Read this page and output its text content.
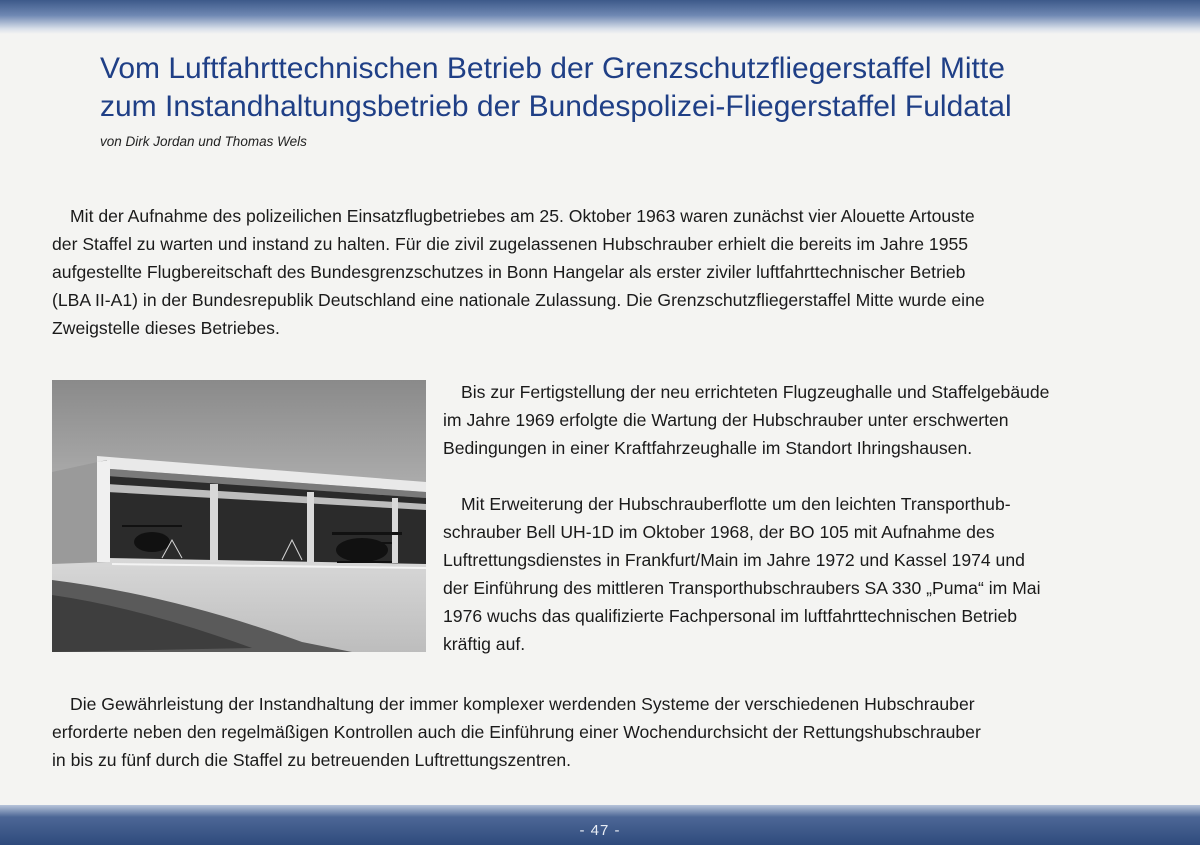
Vom Luftfahrttechnischen Betrieb der Grenzschutzfliegerstaffel Mitte
zum Instandhaltungsbetrieb der Bundespolizei-Fliegerstaffel Fuldatal
von Dirk Jordan und Thomas Wels

Mit der Aufnahme des polizeilichen Einsatzflugbetriebes am 25. Oktober 1963 waren zunächst vier Alouette Artouste
der Staffel zu warten und instand zu halten. Für die zivil zugelassenen Hubschrauber erhielt die bereits im Jahre 1955
aufgestellte Flugbereitschaft des Bundesgrenzschutzes in Bonn Hangelar als erster ziviler luftfahrttechnischer Betrieb
(LBA II-A1) in der Bundesrepublik Deutschland eine nationale Zulassung. Die Grenzschutzfliegerstaffel Mitte wurde eine
Zweigstelle dieses Betriebes.

Bis zur Fertigstellung der neu errichteten Flugzeughalle und Staffelgebäude
im Jahre 1969 erfolgte die Wartung der Hubschrauber unter erschwerten
Bedingungen in einer Kraftfahrzeughalle im Standort Ihringshausen.

Mit Erweiterung der Hubschrauberflotte um den leichten Transporthub-
schrauber Bell UH-1D im Oktober 1968, der BO 105 mit Aufnahme des
Luftrettungsdienstes in Frankfurt/Main im Jahre 1972 und Kassel 1974 und
der Einführung des mittleren Transporthubschraubers SA 330 „Puma“ im Mai
1976 wuchs das qualifizierte Fachpersonal im luftfahrttechnischen Betrieb
kräftig auf.

Die Gewährleistung der Instandhaltung der immer komplexer werdenden Systeme der verschiedenen Hubschrauber
erforderte neben den regelmäßigen Kontrollen auch die Einführung einer Wochendurchsicht der Rettungshubschrauber
in bis zu fünf durch die Staffel zu betreuenden Luftrettungszentren.

- 47 -
